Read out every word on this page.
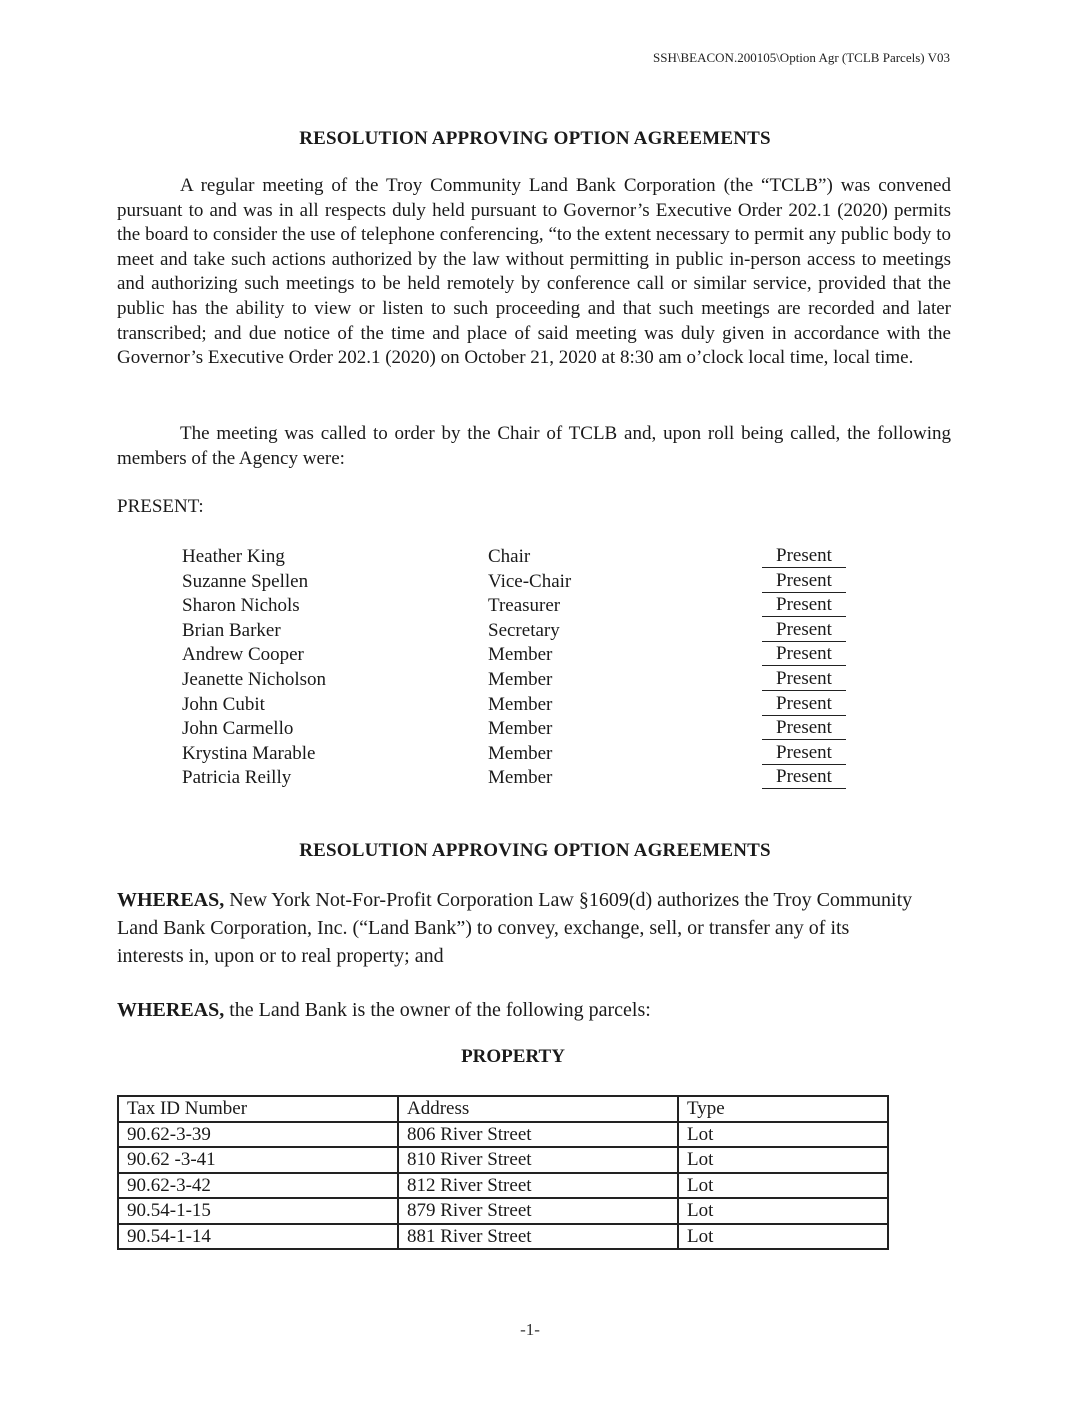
SSH\BEACON.200105\Option Agr (TCLB Parcels) V03
RESOLUTION APPROVING OPTION AGREEMENTS
A regular meeting of the Troy Community Land Bank Corporation (the “TCLB”) was convened pursuant to and was in all respects duly held pursuant to Governor’s Executive Order 202.1 (2020) permits the board to consider the use of telephone conferencing, “to the extent necessary to permit any public body to meet and take such actions authorized by the law without permitting in public in-person access to meetings and authorizing such meetings to be held remotely by conference call or similar service, provided that the public has the ability to view or listen to such proceeding and that such meetings are recorded and later transcribed; and due notice of the time and place of said meeting was duly given in accordance with the Governor’s Executive Order 202.1 (2020) on October 21, 2020 at 8:30 am o’clock local time, local time.
The meeting was called to order by the Chair of TCLB and, upon roll being called, the following members of the Agency were:
PRESENT:
Heather King	Chair	Present
Suzanne Spellen	Vice-Chair	Present
Sharon Nichols	Treasurer	Present
Brian Barker	Secretary	Present
Andrew Cooper	Member	Present
Jeanette Nicholson	Member	Present
John Cubit	Member	Present
John Carmello	Member	Present
Krystina Marable	Member	Present
Patricia Reilly	Member	Present
RESOLUTION APPROVING OPTION AGREEMENTS
WHEREAS, New York Not-For-Profit Corporation Law §1609(d) authorizes the Troy Community Land Bank Corporation, Inc. (“Land Bank”) to convey, exchange, sell, or transfer any of its interests in, upon or to real property; and
WHEREAS, the Land Bank is the owner of the following parcels:
PROPERTY
Tax ID Number	Address	Type
90.62-3-39	806 River Street	Lot
90.62 -3-41	810 River Street	Lot
90.62-3-42	812 River Street	Lot
90.54-1-15	879 River Street	Lot
90.54-1-14	881 River Street	Lot
-1-
